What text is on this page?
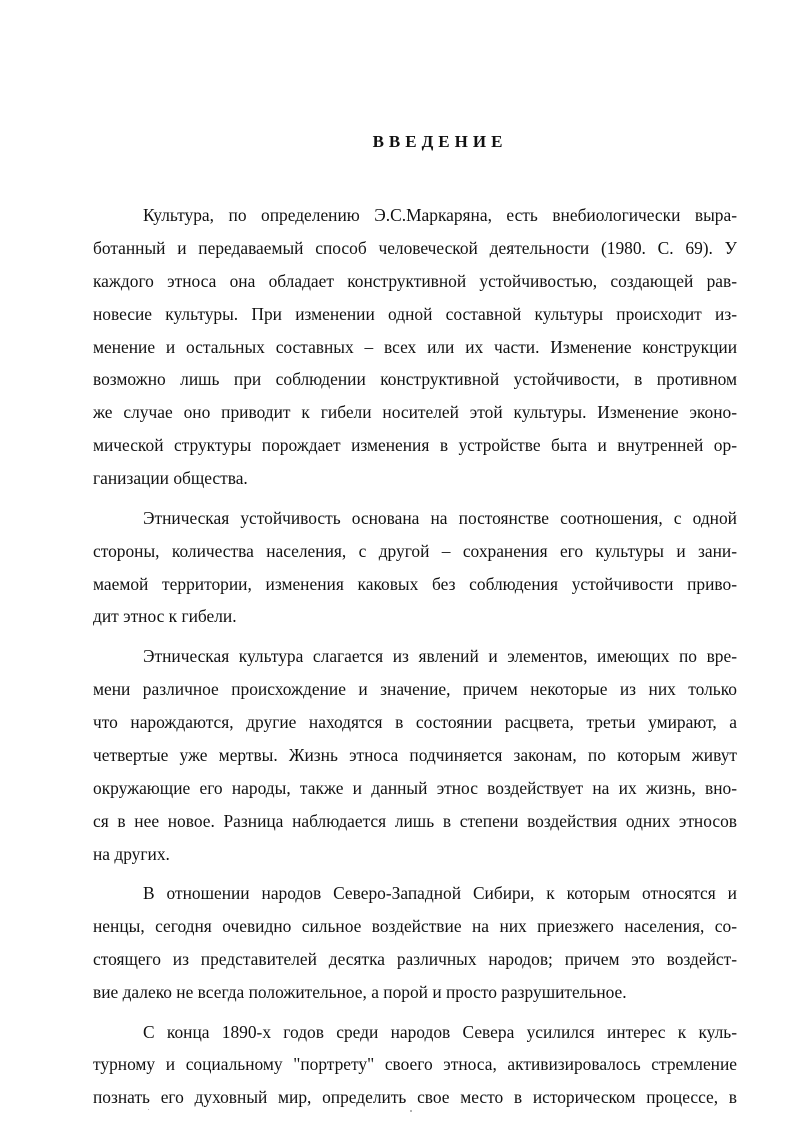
ВВЕДЕНИЕ
Культура, по определению Э.С.Маркаряна, есть внебиологически выра-
ботанный и передаваемый способ человеческой деятельности (1980. С. 69). У
каждого этноса она обладает конструктивной устойчивостью, создающей рав-
новесие культуры. При изменении одной составной культуры происходит из-
менение и остальных составных – всех или их части. Изменение конструкции
возможно лишь при соблюдении конструктивной устойчивости, в противном
же случае оно приводит к гибели носителей этой культуры. Изменение эконо-
мической структуры порождает изменения в устройстве быта и внутренней ор-
ганизации общества.
Этническая устойчивость основана на постоянстве соотношения, с одной
стороны, количества населения, с другой – сохранения его культуры и зани-
маемой территории, изменения каковых без соблюдения устойчивости приво-
дит этнос к гибели.
Этническая культура слагается из явлений и элементов, имеющих по вре-
мени различное происхождение и значение, причем некоторые из них только
что нарождаются, другие находятся в состоянии расцвета, третьи умирают, а
четвертые уже мертвы. Жизнь этноса подчиняется законам, по которым живут
окружающие его народы, также и данный этнос воздействует на их жизнь, вно-
ся в нее новое. Разница наблюдается лишь в степени воздействия одних этносов
на других.
В отношении народов Северо-Западной Сибири, к которым относятся и
ненцы, сегодня очевидно сильное воздействие на них приезжего населения, со-
стоящего из представителей десятка различных народов; причем это воздейст-
вие далеко не всегда положительное, а порой и просто разрушительное.
С конца 1890-х годов среди народов Севера усилился интерес к куль-
турному и социальному "портрету" своего этноса, активизировалось стремление
познать его духовный мир, определить свое место в историческом процессе, в
